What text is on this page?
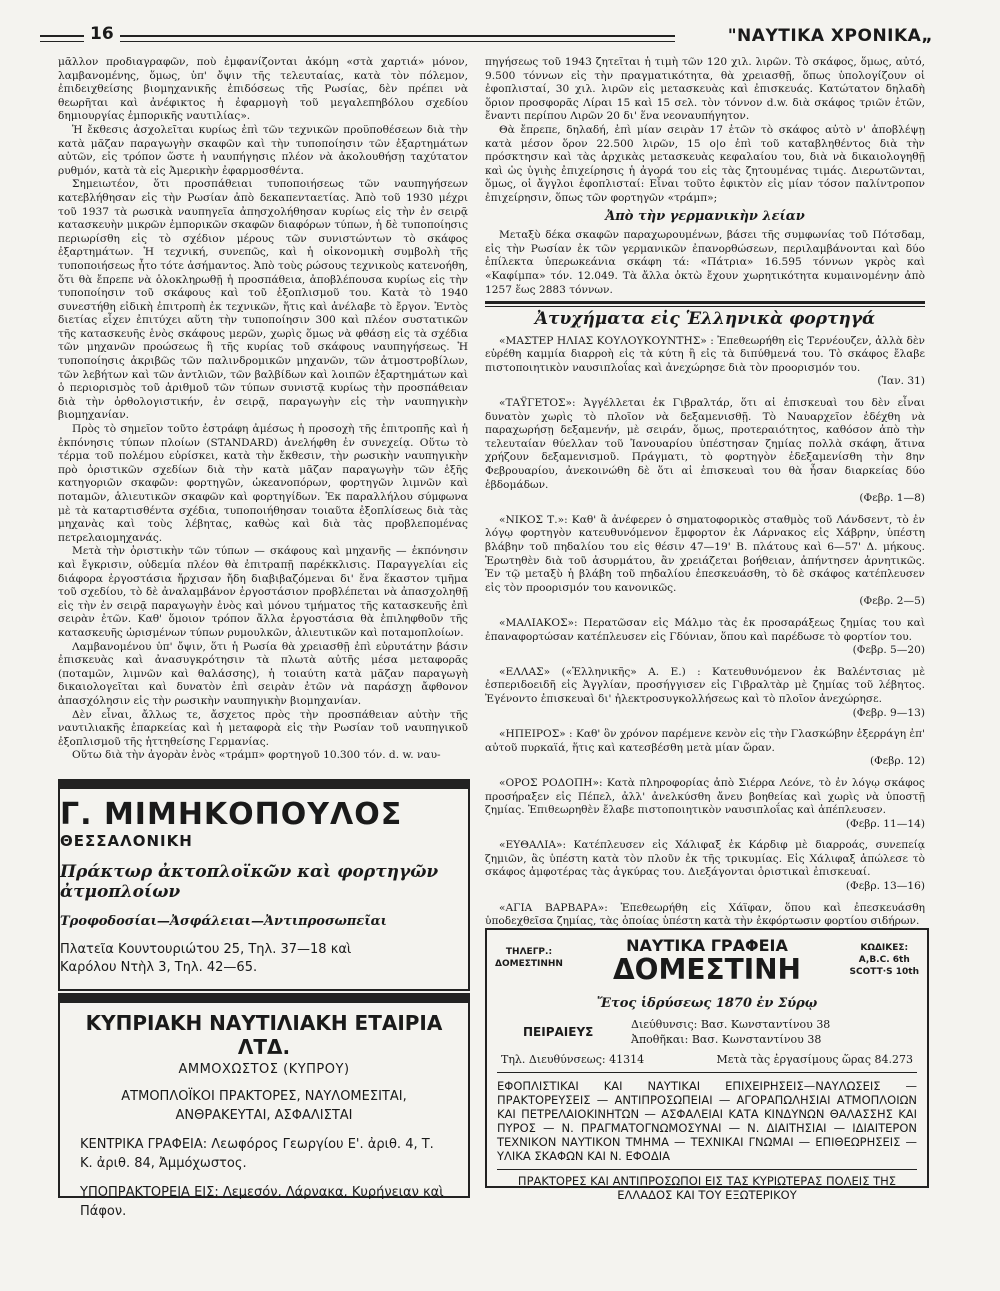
16	"ΝΑΥΤΙΚΑ ΧΡΟΝΙΚΑ„

μᾶλλον προδιαγραφῶν, ποὺ ἐμφανίζονται ἀκόμη «στὰ χαρτιά» μόνον, λαμβανομένης, ὅμως, ὑπ' ὄψιν τῆς τελευταίας, κατὰ τὸν πόλεμον, ἐπιδειχθείσης βιομηχανικῆς ἐπιδόσεως τῆς Ρωσίας, δὲν πρέπει νὰ θεωρῆται καὶ ἀνέφικτος ἡ ἐφαρμογὴ τοῦ μεγαλεπηβόλου σχεδίου δημιουργίας ἐμπορικῆς ναυτιλίας».

Ἡ ἔκθεσις ἀσχολεῖται κυρίως ἐπὶ τῶν τεχνικῶν προϋποθέσεων διὰ τὴν κατὰ μᾶζαν παραγωγὴν σκαφῶν καὶ τὴν τυποποίησιν τῶν ἐξαρτημάτων αὐτῶν, εἰς τρόπον ὥστε ἡ ναυπήγησις πλέον νὰ ἀκολουθήσῃ ταχύτατον ρυθμόν, κατὰ τὰ εἰς Ἀμερικὴν ἐφαρμοσθέντα.

Σημειωτέον, ὅτι προσπάθειαι τυποποιήσεως τῶν ναυπηγήσεων κατεβλήθησαν εἰς τὴν Ρωσίαν ἀπὸ δεκαπενταετίας. Ἀπὸ τοῦ 1930 μέχρι τοῦ 1937 τὰ ρωσικὰ ναυπηγεῖα ἀπησχολήθησαν κυρίως εἰς τὴν ἐν σειρᾷ κατασκευὴν μικρῶν ἐμπορικῶν σκαφῶν διαφόρων τύπων, ἡ δὲ τυποποίησις περιωρίσθη εἰς τὸ σχέδιον μέρους τῶν συνιστώντων τὸ σκάφος ἐξαρτημάτων. Ἡ τεχνική, συνεπῶς, καὶ ἡ οἰκονομικὴ συμβολὴ τῆς τυποποιήσεως ἦτο τότε ἀσήμαντος. Ἀπὸ τοὺς ρώσους τεχνικοὺς κατενοήθη, ὅτι θὰ ἔπρεπε νὰ ὁλοκληρωθῇ ἡ προσπάθεια, ἀποβλέπουσα κυρίως εἰς τὴν τυποποίησιν τοῦ σκάφους καὶ τοῦ ἐξοπλισμοῦ του. Κατὰ τὸ 1940 συνεστήθη εἰδικὴ ἐπιτροπὴ ἐκ τεχνικῶν, ἥτις καὶ ἀνέλαβε τὸ ἔργον. Ἐντὸς διετίας εἶχεν ἐπιτύχει αὕτη τὴν τυποποίησιν 300 καὶ πλέον συστατικῶν τῆς κατασκευῆς ἑνὸς σκάφους μερῶν, χωρὶς ὅμως νὰ φθάσῃ εἰς τὰ σχέδια τῶν μηχανῶν προώσεως ἢ τῆς κυρίας τοῦ σκάφους ναυπηγήσεως. Ἡ τυποποίησις ἀκριβῶς τῶν παλινδρομικῶν μηχανῶν, τῶν ἀτμοστροβίλων, τῶν λεβήτων καὶ τῶν ἀντλιῶν, τῶν βαλβίδων καὶ λοιπῶν ἐξαρτημάτων καὶ ὁ περιορισμὸς τοῦ ἀριθμοῦ τῶν τύπων συνιστᾷ κυρίως τὴν προσπάθειαν διὰ τὴν ὀρθολογιστικήν, ἐν σειρᾷ, παραγωγὴν εἰς τὴν ναυπηγικὴν βιομηχανίαν.

Πρὸς τὸ σημεῖον τοῦτο ἐστράφη ἀμέσως ἡ προσοχὴ τῆς ἐπιτροπῆς καὶ ἡ ἐκπόνησις τύπων πλοίων (STANDARD) ἀνελήφθη ἐν συνεχείᾳ. Οὕτω τὸ τέρμα τοῦ πολέμου εὑρίσκει, κατὰ τὴν ἔκθεσιν, τὴν ρωσικὴν ναυπηγικὴν πρὸ ὁριστικῶν σχεδίων διὰ τὴν κατὰ μᾶζαν παραγωγὴν τῶν ἑξῆς κατηγοριῶν σκαφῶν: φορτηγῶν, ὠκεανοπόρων, φορτηγῶν λιμνῶν καὶ ποταμῶν, ἁλιευτικῶν σκαφῶν καὶ φορτηγίδων. Ἐκ παραλλήλου σύμφωνα μὲ τὰ καταρτισθέντα σχέδια, τυποποιήθησαν τοιαῦτα ἐξοπλίσεως διὰ τὰς μηχανὰς καὶ τοὺς λέβητας, καθὼς καὶ διὰ τὰς προβλεπομένας πετρελαιομηχανάς.

Μετὰ τὴν ὁριστικὴν τῶν τύπων — σκάφους καὶ μηχανῆς — ἐκπόνησιν καὶ ἔγκρισιν, οὐδεμία πλέον θὰ ἐπιτραπῇ παρέκκλισις. Παραγγελίαι εἰς διάφορα ἐργοστάσια ἤρχισαν ἤδη διαβιβαζόμεναι δι' ἕνα ἕκαστον τμῆμα τοῦ σχεδίου, τὸ δὲ ἀναλαμβάνον ἐργοστάσιον προβλέπεται νὰ ἀπασχοληθῇ εἰς τὴν ἐν σειρᾷ παραγωγὴν ἑνὸς καὶ μόνου τμήματος τῆς κατασκευῆς ἐπὶ σειρὰν ἐτῶν. Καθ' ὅμοιον τρόπον ἄλλα ἐργοστάσια θὰ ἐπιληφθοῦν τῆς κατασκευῆς ὡρισμένων τύπων ρυμουλκῶν, ἁλιευτικῶν καὶ ποταμοπλοίων.

Λαμβανομένου ὑπ' ὄψιν, ὅτι ἡ Ρωσία θὰ χρειασθῇ ἐπὶ εὐρυτάτην βάσιν ἐπισκευὰς καὶ ἀνασυγκρότησιν τὰ πλωτὰ αὐτῆς μέσα μεταφορᾶς (ποταμῶν, λιμνῶν καὶ θαλάσσης), ἡ τοιαύτη κατὰ μᾶζαν παραγωγὴ δικαιολογεῖται καὶ δυνατὸν ἐπὶ σειρὰν ἐτῶν νὰ παράσχῃ ἄφθονον ἀπασχόλησιν εἰς τὴν ρωσικὴν ναυπηγικὴν βιομηχανίαν.

Δὲν εἶναι, ἄλλως τε, ἄσχετος πρὸς τὴν προσπάθειαν αὐτὴν τῆς ναυτιλιακῆς ἐπαρκείας καὶ ἡ μεταφορὰ εἰς τὴν Ρωσίαν τοῦ ναυπηγικοῦ ἐξοπλισμοῦ τῆς ἡττηθείσης Γερμανίας.

Οὕτω διὰ τὴν ἀγορὰν ἑνὸς «τράμπ» φορτηγοῦ 10.300 τόν. d. w. ναυ-

πηγήσεως τοῦ 1943 ζητεῖται ἡ τιμὴ τῶν 120 χιλ. λιρῶν. Τὸ σκάφος, ὅμως, αὐτό, 9.500 τόννων εἰς τὴν πραγματικότητα, θὰ χρειασθῇ, ὅπως ὑπολογίζουν οἱ ἐφοπλισταί, 30 χιλ. λιρῶν εἰς μετασκευὰς καὶ ἐπισκευάς. Κατώτατον δηλαδὴ ὅριον προσφορᾶς Λίραι 15 καὶ 15 σελ. τὸν τόννον d.w. διὰ σκάφος τριῶν ἐτῶν, ἔναντι περίπου Λιρῶν 20 δι' ἕνα νεοναυπήγητον.

Θὰ ἔπρεπε, δηλαδή, ἐπὶ μίαν σειρὰν 17 ἐτῶν τὸ σκάφος αὐτὸ ν' ἀποβλέψῃ κατὰ μέσον ὅρον 22.500 λιρῶν, 15 ο|ο ἐπὶ τοῦ καταβληθέντος διὰ τὴν πρόσκτησιν καὶ τὰς ἀρχικὰς μετασκευὰς κεφαλαίου του, διὰ νὰ δικαιολογηθῇ καὶ ὡς ὑγιὴς ἐπιχείρησις ἡ ἀγορά του εἰς τὰς ζητουμένας τιμάς. Διερωτῶνται, ὅμως, οἱ ἄγγλοι ἐφοπλισταί: Εἶναι τοῦτο ἐφικτὸν εἰς μίαν τόσον παλίντροπον ἐπιχείρησιν, ὅπως τῶν φορτηγῶν «τράμπ»;

Ἀπὸ τὴν γερμανικὴν λείαν

Μεταξὺ δέκα σκαφῶν παραχωρουμένων, βάσει τῆς συμφωνίας τοῦ Πότσδαμ, εἰς τὴν Ρωσίαν ἐκ τῶν γερμανικῶν ἐπανορθώσεων, περιλαμβάνονται καὶ δύο ἐπίλεκτα ὑπερωκεάνια σκάφη τά: «Πάτρια» 16.595 τόννων γκρὸς καὶ «Καφίμπα» τόν. 12.049. Τὰ ἄλλα ὀκτὼ ἔχουν χωρητικότητα κυμαινομένην ἀπὸ 1257 ἕως 2883 τόννων.

Ἀτυχήματα εἰς Ἑλληνικὰ φορτηγά

«ΜΑΣΤΕΡ ΗΛΙΑΣ ΚΟΥΛΟΥΚΟΥΝΤΗΣ» : Ἐπεθεωρήθη εἰς Τερνέουζεν, ἀλλὰ δὲν εὑρέθη καμμία διαρροὴ εἰς τὰ κύτη ἢ εἰς τὰ διπύθμενά του. Τὸ σκάφος ἔλαβε πιστοποιητικὸν ναυσιπλοΐας καὶ ἀνεχώρησε διὰ τὸν προορισμόν του.

(Ἰαν. 31)

«ΤΑΫΓΕΤΟΣ»: Ἀγγέλλεται ἐκ Γιβραλτάρ, ὅτι αἱ ἐπισκευαὶ του δὲν εἶναι δυνατὸν χωρὶς τὸ πλοῖον νὰ δεξαμενισθῇ. Τὸ Ναυαρχεῖον ἐδέχθη νὰ παραχωρήσῃ δεξαμενήν, μὲ σειράν, ὅμως, προτεραιότητος, καθόσον ἀπὸ τὴν τελευταίαν θύελλαν τοῦ Ἰανουαρίου ὑπέστησαν ζημίας πολλὰ σκάφη, ἅτινα χρήζουν δεξαμενισμοῦ. Πράγματι, τὸ φορτηγὸν ἐδεξαμενίσθη τὴν 8ην Φεβρουαρίου, ἀνεκοινώθη δὲ ὅτι αἱ ἐπισκευαὶ του θὰ ἦσαν διαρκείας δύο ἑβδομάδων.

(Φεβρ. 1—8)

«ΝΙΚΟΣ Τ.»: Καθ' ἃ ἀνέφερεν ὁ σηματοφορικὸς σταθμὸς τοῦ Λάνδσεντ, τὸ ἐν λόγῳ φορτηγὸν κατευθυνόμενον ἔμφορτον ἐκ Λάρνακος εἰς Χάβρην, ὑπέστη βλάβην τοῦ πηδαλίου του εἰς θέσιν 47—19' Β. πλάτους καὶ 6—57' Δ. μήκους. Ἐρωτηθὲν διὰ τοῦ ἀσυρμάτου, ἂν χρειάζεται βοήθειαν, ἀπήντησεν ἀρνητικῶς. Ἐν τῷ μεταξὺ ἡ βλάβη τοῦ πηδαλίου ἐπεσκευάσθη, τὸ δὲ σκάφος κατέπλευσεν εἰς τὸν προορισμόν του κανονικῶς.

(Φεβρ. 2—5)

«ΜΑΛΙΑΚΟΣ»: Περατῶσαν εἰς Μάλμο τὰς ἐκ προσαράξεως ζημίας του καὶ ἐπαναφορτώσαν κατέπλευσεν εἰς Γδύνιαν, ὅπου καὶ παρέδωσε τὸ φορτίον του.

(Φεβρ. 5—20)

«ΕΛΛΑΣ» («Ἑλληνικῆς» Α. Ε.) : Κατευθυνόμενον ἐκ Βαλέντσιας μὲ ἐσπεριδοειδῆ εἰς Ἀγγλίαν, προσήγγισεν εἰς Γιβραλτὰρ μὲ ζημίας τοῦ λέβητος. Ἐγένοντο ἐπισκευαὶ δι' ἠλεκτροσυγκολλήσεως καὶ τὸ πλοῖον ἀνεχώρησε.

(Φεβρ. 9—13)

«ΗΠΕΙΡΟΣ» : Καθ' ὃν χρόνον παρέμενε κενὸν εἰς τὴν Γλασκώβην ἐξερράγη ἐπ' αὐτοῦ πυρκαϊά, ἥτις καὶ κατεσβέσθη μετὰ μίαν ὥραν.

(Φεβρ. 12)

«ΟΡΟΣ ΡΟΔΟΠΗ»: Κατὰ πληροφορίας ἀπὸ Σιέρρα Λεόνε, τὸ ἐν λόγῳ σκάφος προσήραξεν εἰς Πέπελ, ἀλλ' ἀνελκύσθη ἄνευ βοηθείας καὶ χωρὶς νὰ ὑποστῇ ζημίας. Ἐπιθεωρηθὲν ἔλαβε πιστοποιητικὸν ναυσιπλοΐας καὶ ἀπέπλευσεν.

(Φεβρ. 11—14)

«ΕΥΘΑΛΙΑ»: Κατέπλευσεν εἰς Χάλιφαξ ἐκ Κάρδιφ μὲ διαρροάς, συνεπείᾳ ζημιῶν, ἃς ὑπέστη κατὰ τὸν πλοῦν ἐκ τῆς τρικυμίας. Εἰς Χάλιφαξ ἀπώλεσε τὸ σκάφος ἀμφοτέρας τὰς ἀγκύρας του. Διεξάγονται ὁριστικαὶ ἐπισκευαί.

(Φεβρ. 13—16)

«ΑΓΙΑ ΒΑΡΒΑΡΑ»: Ἐπεθεωρήθη εἰς Χάϊφαν, ὅπου καὶ ἐπεσκευάσθη ὑποδεχθεῖσα ζημίας, τὰς ὁποίας ὑπέστη κατὰ τὴν ἐκφόρτωσιν φορτίου σιδήρων.

Γ. ΜΙΜΗΚΟΠΟΥΛΟΣ
ΘΕΣΣΑΛΟΝΙΚΗ
Πράκτωρ ἀκτοπλοϊκῶν καὶ φορτηγῶν ἀτμοπλοίων
Τροφοδοσίαι—Ἀσφάλειαι—Ἀντιπροσωπεῖαι
Πλατεῖα Κουντουριώτου 25, Τηλ. 37—18 καὶ
Καρόλου Ντὴλ 3, Τηλ. 42—65.
ΚΥΠΡΙΑΚΗ ΝΑΥΤΙΛΙΑΚΗ ΕΤΑΙΡΙΑ ΛΤΔ.
ΑΜΜΟΧΩΣΤΟΣ (ΚΥΠΡΟΥ)
ΑΤΜΟΠΛΟΪΚΟΙ ΠΡΑΚΤΟΡΕΣ, ΝΑΥΛΟΜΕΣΙΤΑΙ, ΑΝΘΡΑΚΕΥΤΑΙ, ΑΣΦΑΛΙΣΤΑΙ
ΚΕΝΤΡΙΚΑ ΓΡΑΦΕΙΑ: Λεωφόρος Γεωργίου Ε'. ἀριθ. 4, Τ. Κ. ἀριθ. 84, Ἀμμόχωστος.
ΥΠΟΠΡΑΚΤΟΡΕΙΑ ΕΙΣ: Λεμεσόν, Λάρνακα, Κυρήνειαν καὶ Πάφον.
ΤΗΛΕΓΡ.:
ΔΟΜΕΣΤΙΝΗΝ
ΝΑΥΤΙΚΑ ΓΡΑΦΕΙΑ
ΔΟΜΕΣΤΙΝΗ
ΚΩΔΙΚΕΣ:
A,B.C. 6th
SCOTT·S 10th
Ἔτος ἱδρύσεως 1870 ἐν Σύρῳ
ΠΕΙΡΑΙΕΥΣ
Διεύθυνσις: Βασ. Κωνσταντίνου 38
Ἀποθῆκαι: Βασ. Κωνσταντίνου 38
Τηλ. Διευθύνσεως: 41314	Μετὰ τὰς ἐργασίμους ὥρας 84.273
ΕΦΟΠΛΙΣΤΙΚΑΙ ΚΑΙ ΝΑΥΤΙΚΑΙ ΕΠΙΧΕΙΡΗΣΕΙΣ—ΝΑΥΛΩΣΕΙΣ — ΠΡΑΚΤΟΡΕΥΣΕΙΣ — ΑΝΤΙΠΡΟΣΩΠΕΙΑΙ — ΑΓΟΡΑΠΩΛΗΣΙΑΙ ΑΤΜΟΠΛΟΙΩΝ ΚΑΙ ΠΕΤΡΕΛΑΙΟΚΙΝΗΤΩΝ — ΑΣΦΑΛΕΙΑΙ ΚΑΤΑ ΚΙΝΔΥΝΩΝ ΘΑΛΑΣΣΗΣ ΚΑΙ ΠΥΡΟΣ — Ν. ΠΡΑΓΜΑΤΟΓΝΩΜΟΣΥΝΑΙ — Ν. ΔΙΑΙΤΗΣΙΑΙ — ΙΔΙΑΙΤΕΡΟΝ ΤΕΧΝΙΚΟΝ ΝΑΥΤΙΚΟΝ ΤΜΗΜΑ — ΤΕΧΝΙΚΑΙ ΓΝΩΜΑΙ — ΕΠΙΘΕΩΡΗΣΕΙΣ — ΥΛΙΚΑ ΣΚΑΦΩΝ ΚΑΙ Ν. ΕΦΟΔΙΑ
ΠΡΑΚΤΟΡΕΣ ΚΑΙ ΑΝΤΙΠΡΟΣΩΠΟΙ ΕΙΣ ΤΑΣ ΚΥΡΙΩΤΕΡΑΣ ΠΟΛΕΙΣ ΤΗΣ ΕΛΛΑΔΟΣ ΚΑΙ ΤΟΥ ΕΞΩΤΕΡΙΚΟΥ
